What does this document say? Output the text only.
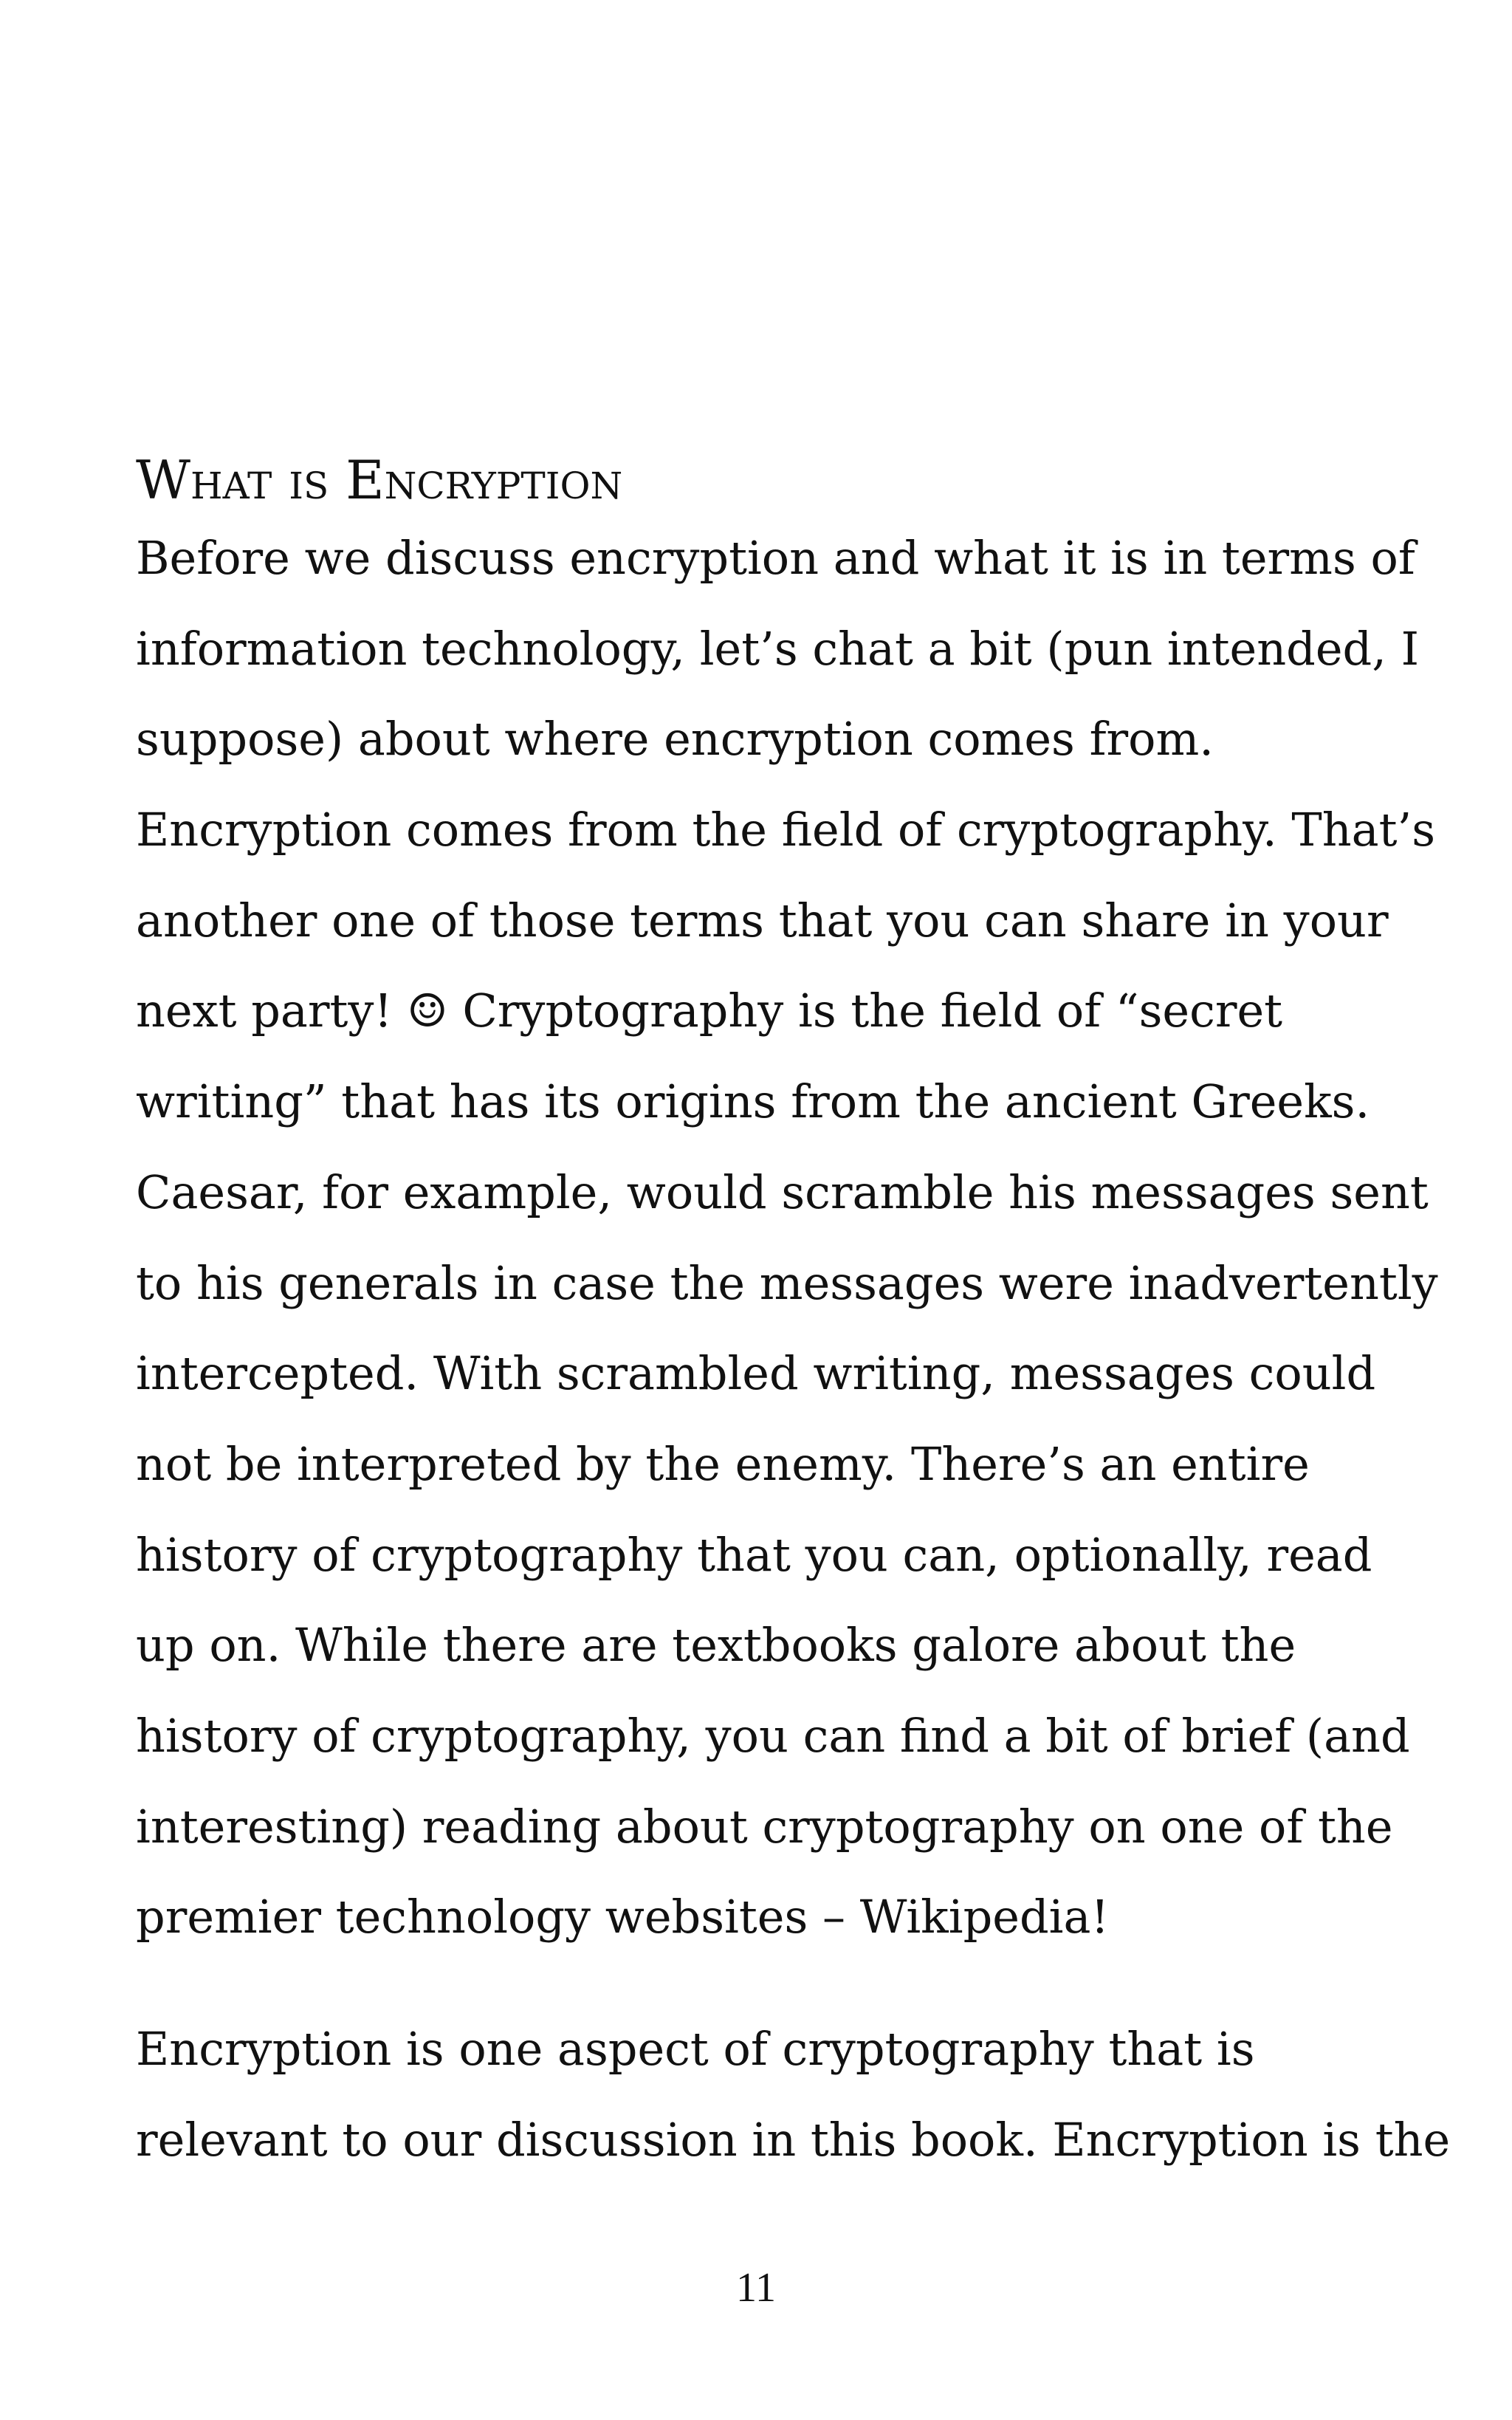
What is Encryption

Before we discuss encryption and what it is in terms of
information technology, let’s chat a bit (pun intended, I
suppose) about where encryption comes from.
Encryption comes from the field of cryptography. That’s
another one of those terms that you can share in your
next party! ☺ Cryptography is the field of “secret
writing” that has its origins from the ancient Greeks.
Caesar, for example, would scramble his messages sent
to his generals in case the messages were inadvertently
intercepted. With scrambled writing, messages could
not be interpreted by the enemy. There’s an entire
history of cryptography that you can, optionally, read
up on. While there are textbooks galore about the
history of cryptography, you can find a bit of brief (and
interesting) reading about cryptography on one of the
premier technology websites – Wikipedia!

Encryption is one aspect of cryptography that is
relevant to our discussion in this book. Encryption is the

11
